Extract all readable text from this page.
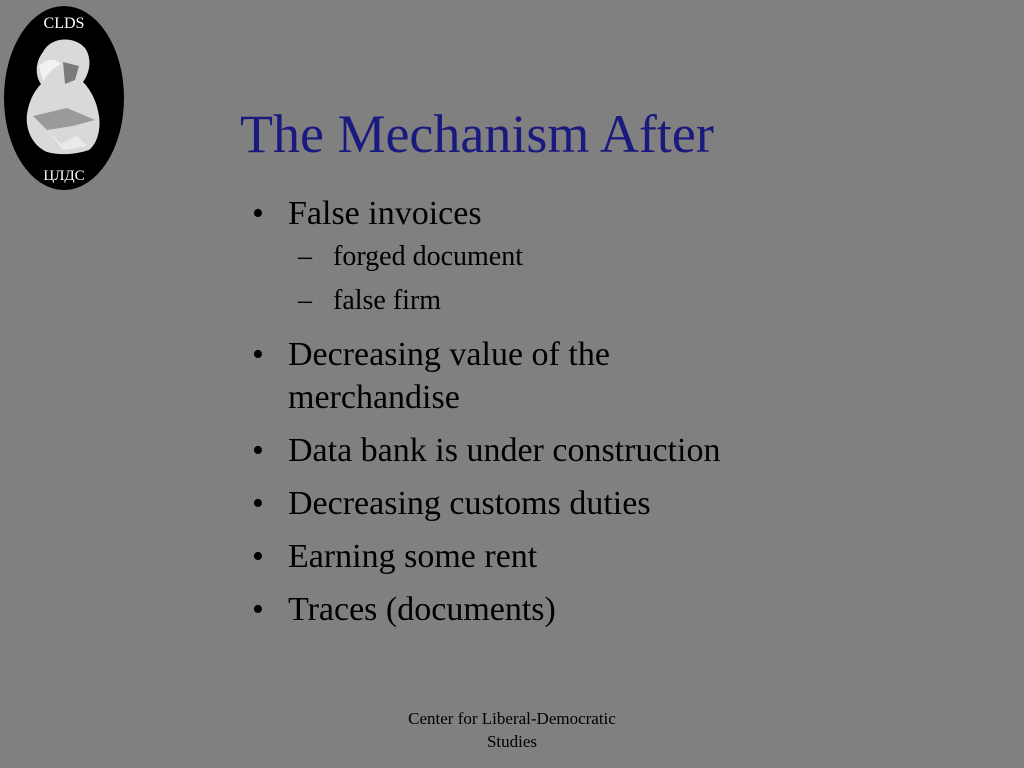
CLDS
ЦЛДС
The Mechanism After
• False invoices
– forged document
– false firm
• Decreasing value of the
merchandise
• Data bank is under construction
• Decreasing customs duties
• Earning some rent
• Traces (documents)
Center for Liberal-Democratic
Studies
